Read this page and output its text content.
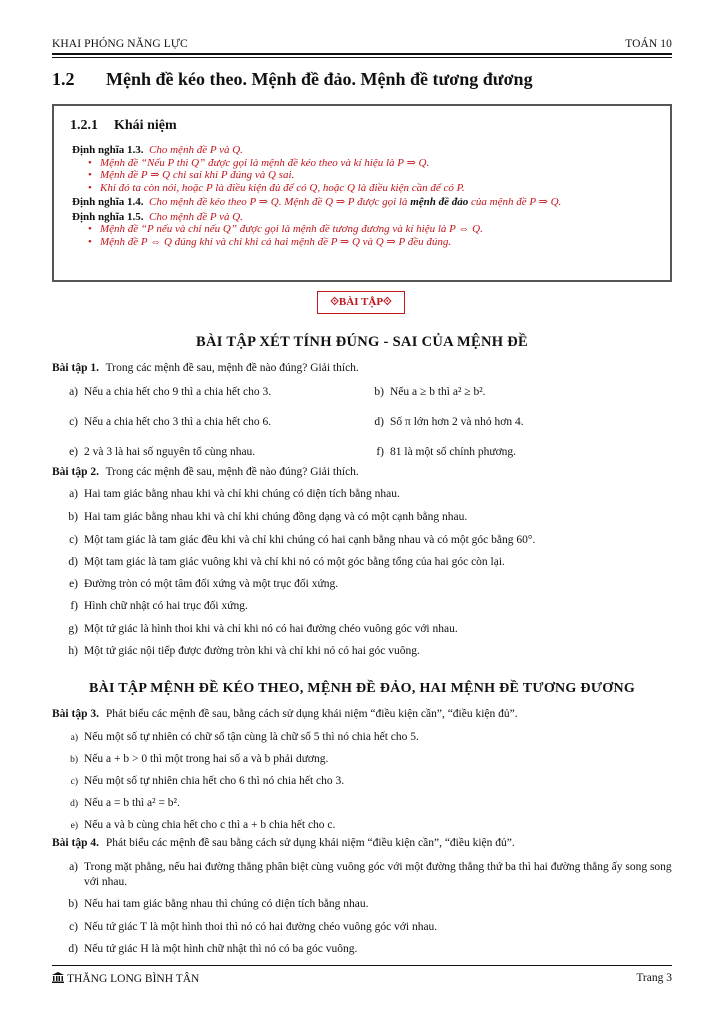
KHAI PHÓNG NĂNG LỰC	TOÁN 10
1.2 Mệnh đề kéo theo. Mệnh đề đảo. Mệnh đề tương đương
1.2.1 Khái niệm

Định nghĩa 1.3. Cho mệnh đề P và Q.

• Mệnh đề “Nếu P thì Q” được gọi là mệnh đề kéo theo và kí hiệu là P ⇒ Q.

• Mệnh đề P ⇒ Q chỉ sai khi P đúng và Q sai.

• Khi đó ta còn nói, hoặc P là điều kiện đủ để có Q, hoặc Q là điều kiện cần để có P.

Định nghĩa 1.4. Cho mệnh đề kéo theo P ⇒ Q. Mệnh đề Q ⇒ P được gọi là mệnh đề đảo của mệnh đề P ⇒ Q.

Định nghĩa 1.5. Cho mệnh đề P và Q.

• Mệnh đề “P nếu và chỉ nếu Q” được gọi là mệnh đề tương đương và kí hiệu là P ⇔ Q.

• Mệnh đề P ⇔ Q đúng khi và chỉ khi cả hai mệnh đề P ⇒ Q và Q ⇒ P đều đúng.

⟐BÀI TẬP⟐
BÀI TẬP XÉT TÍNH ĐÚNG - SAI CỦA MỆNH ĐỀ
Bài tập 1. Trong các mệnh đề sau, mệnh đề nào đúng? Giải thích.
a) Nếu a chia hết cho 9 thì a chia hết cho 3.	b) Nếu a ≥ b thì a² ≥ b².
c) Nếu a chia hết cho 3 thì a chia hết cho 6.	d) Số π lớn hơn 2 và nhỏ hơn 4.
e) 2 và 3 là hai số nguyên tố cùng nhau.	f) 81 là một số chính phương.
Bài tập 2. Trong các mệnh đề sau, mệnh đề nào đúng? Giải thích.
a) Hai tam giác bằng nhau khi và chỉ khi chúng có diện tích bằng nhau.
b) Hai tam giác bằng nhau khi và chỉ khi chúng đồng dạng và có một cạnh bằng nhau.
c) Một tam giác là tam giác đều khi và chỉ khi chúng có hai cạnh bằng nhau và có một góc bằng 60°.
d) Một tam giác là tam giác vuông khi và chỉ khi nó có một góc bằng tổng của hai góc còn lại.
e) Đường tròn có một tâm đối xứng và một trục đối xứng.
f) Hình chữ nhật có hai trục đối xứng.
g) Một tứ giác là hình thoi khi và chỉ khi nó có hai đường chéo vuông góc với nhau.
h) Một tứ giác nội tiếp được đường tròn khi và chỉ khi nó có hai góc vuông.
BÀI TẬP MỆNH ĐỀ KÉO THEO, MỆNH ĐỀ ĐẢO, HAI MỆNH ĐỀ TƯƠNG ĐƯƠNG
Bài tập 3. Phát biểu các mệnh đề sau, bằng cách sử dụng khái niệm “điều kiện cần”, “điều kiện đủ”.
a) Nếu một số tự nhiên có chữ số tận cùng là chữ số 5 thì nó chia hết cho 5.
b) Nếu a + b > 0 thì một trong hai số a và b phải dương.
c) Nếu một số tự nhiên chia hết cho 6 thì nó chia hết cho 3.
d) Nếu a = b thì a² = b².
e) Nếu a và b cùng chia hết cho c thì a + b chia hết cho c.
Bài tập 4. Phát biểu các mệnh đề sau bằng cách sử dụng khái niệm “điều kiện cần”, “điều kiện đủ”.
a) Trong mặt phẳng, nếu hai đường thẳng phân biệt cùng vuông góc với một đường thẳng thứ ba thì hai đường thẳng ấy song song với nhau.
b) Nếu hai tam giác bằng nhau thì chúng có diện tích bằng nhau.
c) Nếu tứ giác T là một hình thoi thì nó có hai đường chéo vuông góc với nhau.
d) Nếu tứ giác H là một hình chữ nhật thì nó có ba góc vuông.
THĂNG LONG BÌNH TÂN	Trang 3
